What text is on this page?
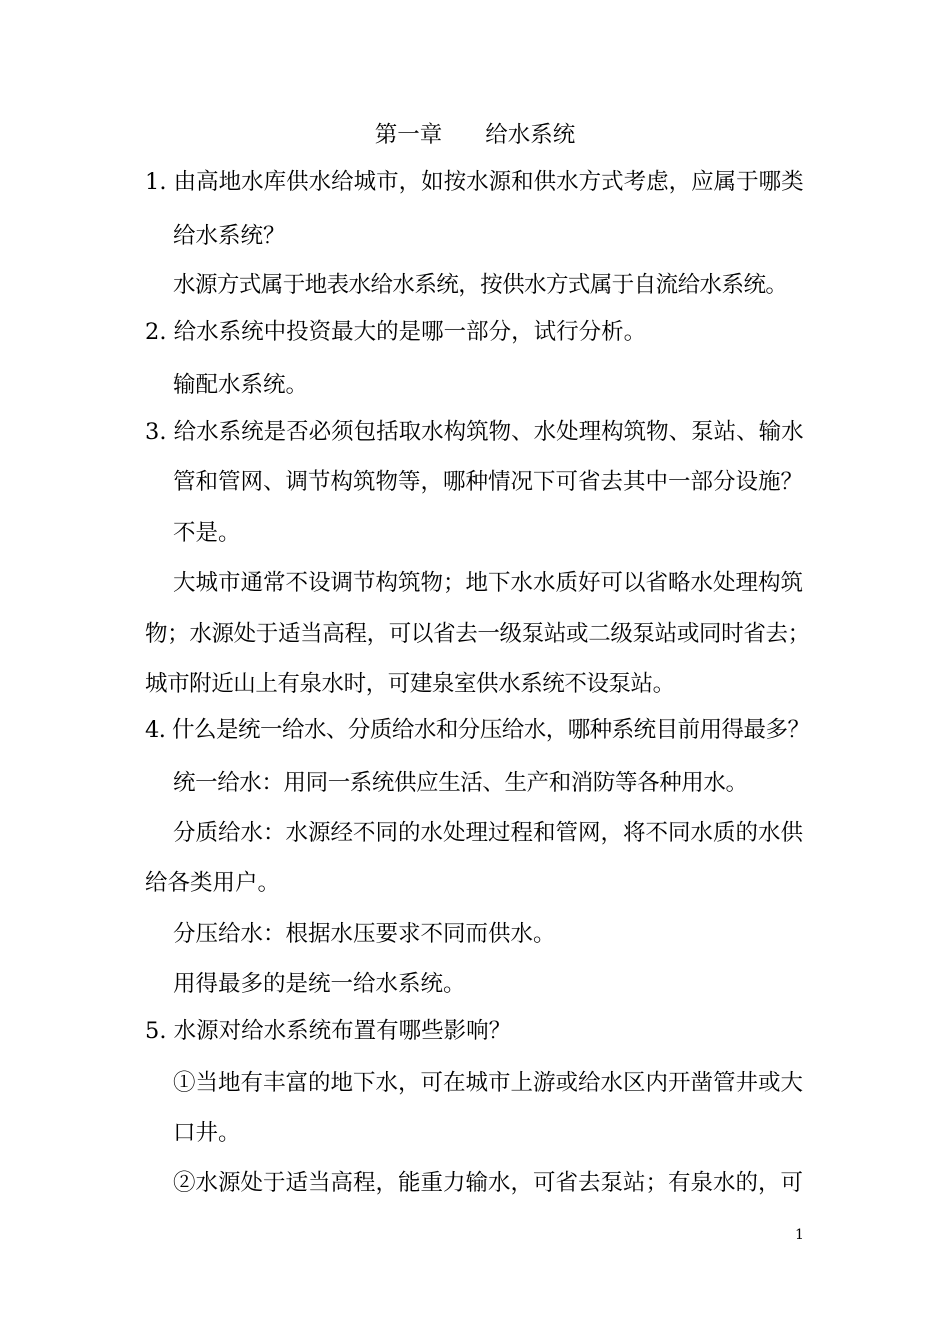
第一章      给水系统
1. 由高地水库供水给城市，如按水源和供水方式考虑，应属于哪类
给水系统？
水源方式属于地表水给水系统，按供水方式属于自流给水系统。
2. 给水系统中投资最大的是哪一部分，试行分析。
输配水系统。
3. 给水系统是否必须包括取水构筑物、水处理构筑物、泵站、输水
管和管网、调节构筑物等，哪种情况下可省去其中一部分设施？
不是。
大城市通常不设调节构筑物；地下水水质好可以省略水处理构筑
物；水源处于适当高程，可以省去一级泵站或二级泵站或同时省去；
城市附近山上有泉水时，可建泉室供水系统不设泵站。
4. 什么是统一给水、分质给水和分压给水，哪种系统目前用得最多？
统一给水：用同一系统供应生活、生产和消防等各种用水。
分质给水：水源经不同的水处理过程和管网，将不同水质的水供
给各类用户。
分压给水：根据水压要求不同而供水。
用得最多的是统一给水系统。
5. 水源对给水系统布置有哪些影响？
①当地有丰富的地下水，可在城市上游或给水区内开凿管井或大
口井。
②水源处于适当高程，能重力输水，可省去泵站；有泉水的，可
1
